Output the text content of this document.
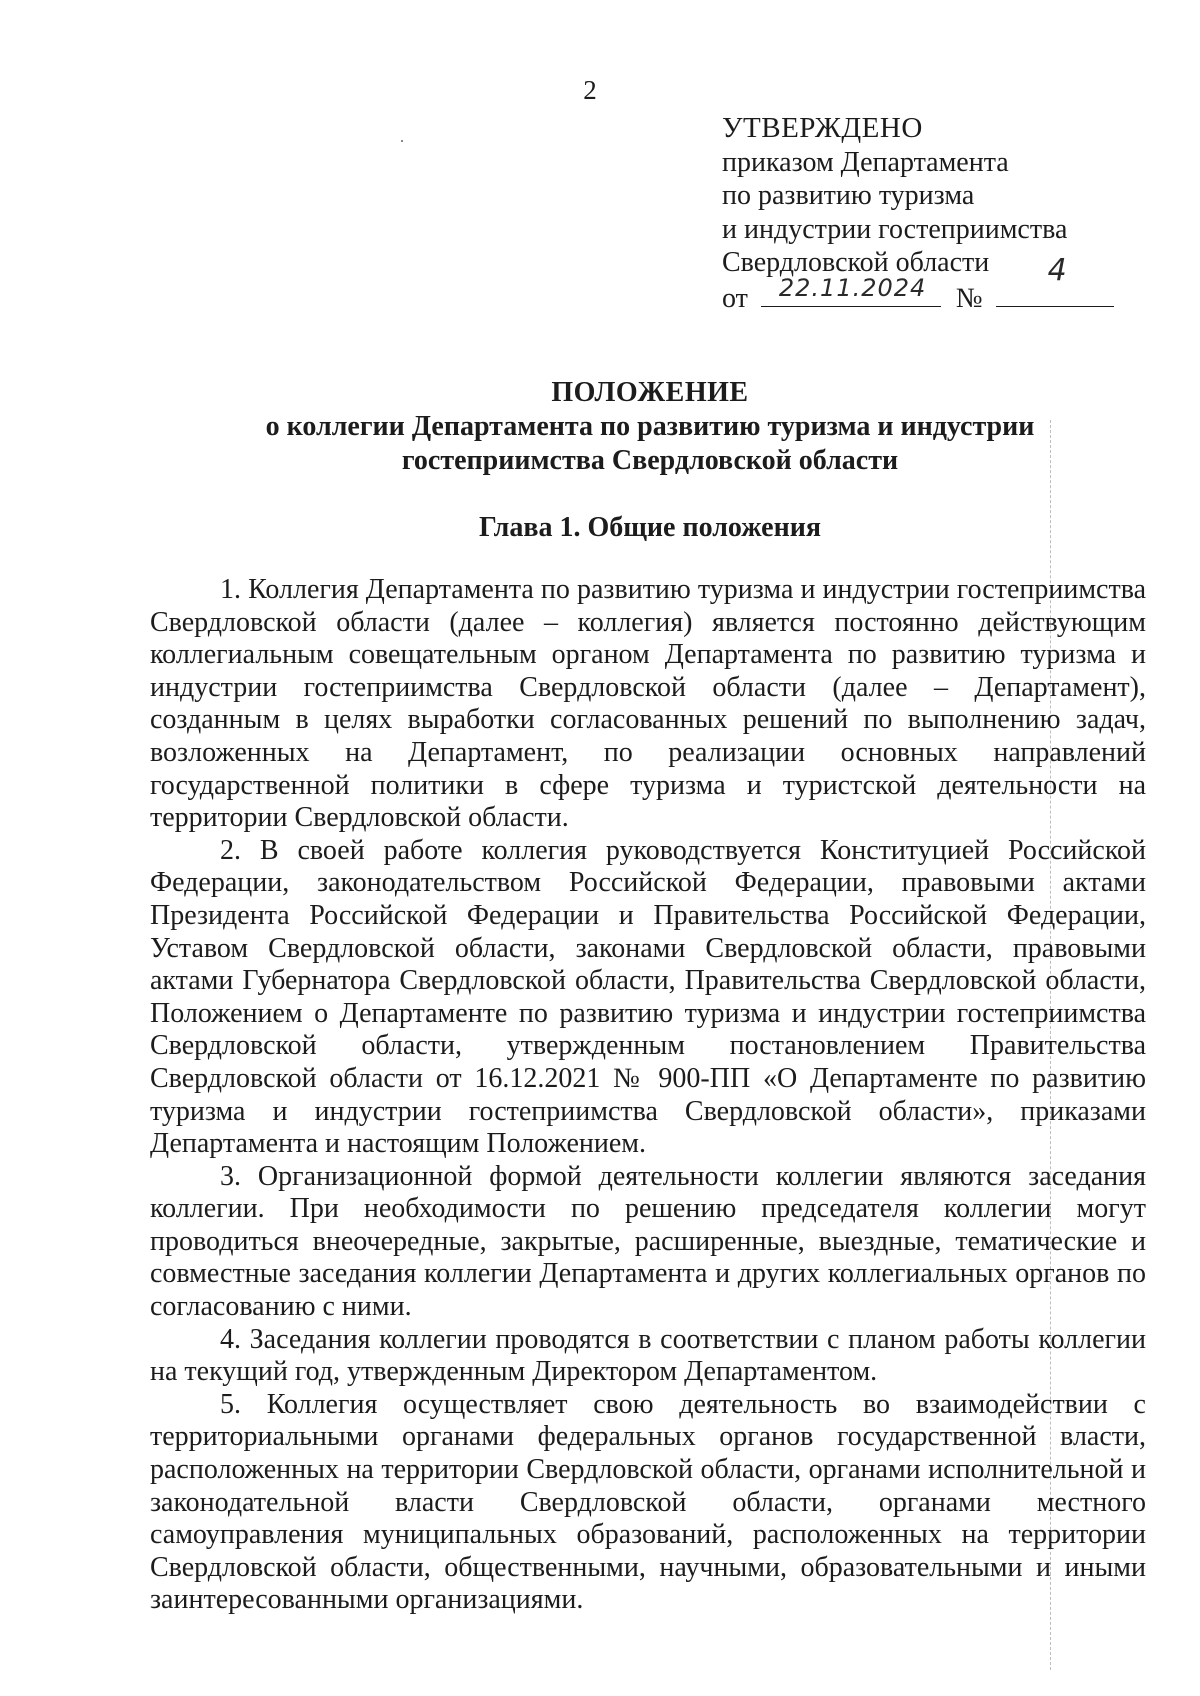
2
УТВЕРЖДЕНО
приказом Департамента
по развитию туризма
и индустрии гостеприимства
Свердловской области
от 22.11.2024 №
4
ПОЛОЖЕНИЕ
о коллегии Департамента по развитию туризма и индустрии
гостеприимства Свердловской области
Глава 1. Общие положения

1. Коллегия Департамента по развитию туризма и индустрии гостеприимства Свердловской области (далее – коллегия) является постоянно действующим коллегиальным совещательным органом Департамента по развитию туризма и индустрии гостеприимства Свердловской области (далее – Департамент), созданным в целях выработки согласованных решений по выполнению задач, возложенных на Департамент, по реализации основных направлений государственной политики в сфере туризма и туристской деятельности на территории Свердловской области.

2. В своей работе коллегия руководствуется Конституцией Российской Федерации, законодательством Российской Федерации, правовыми актами Президента Российской Федерации и Правительства Российской Федерации, Уставом Свердловской области, законами Свердловской области, правовыми актами Губернатора Свердловской области, Правительства Свердловской области, Положением о Департаменте по развитию туризма и индустрии гостеприимства Свердловской области, утвержденным постановлением Правительства Свердловской области от 16.12.2021 № 900-ПП «О Департаменте по развитию туризма и индустрии гостеприимства Свердловской области», приказами Департамента и настоящим Положением.

3. Организационной формой деятельности коллегии являются заседания коллегии. При необходимости по решению председателя коллегии могут проводиться внеочередные, закрытые, расширенные, выездные, тематические и совместные заседания коллегии Департамента и других коллегиальных органов по согласованию с ними.

4. Заседания коллегии проводятся в соответствии с планом работы коллегии на текущий год, утвержденным Директором Департаментом.

5. Коллегия осуществляет свою деятельность во взаимодействии с территориальными органами федеральных органов государственной власти, расположенных на территории Свердловской области, органами исполнительной и законодательной власти Свердловской области, органами местного самоуправления муниципальных образований, расположенных на территории Свердловской области, общественными, научными, образовательными и иными заинтересованными организациями.
